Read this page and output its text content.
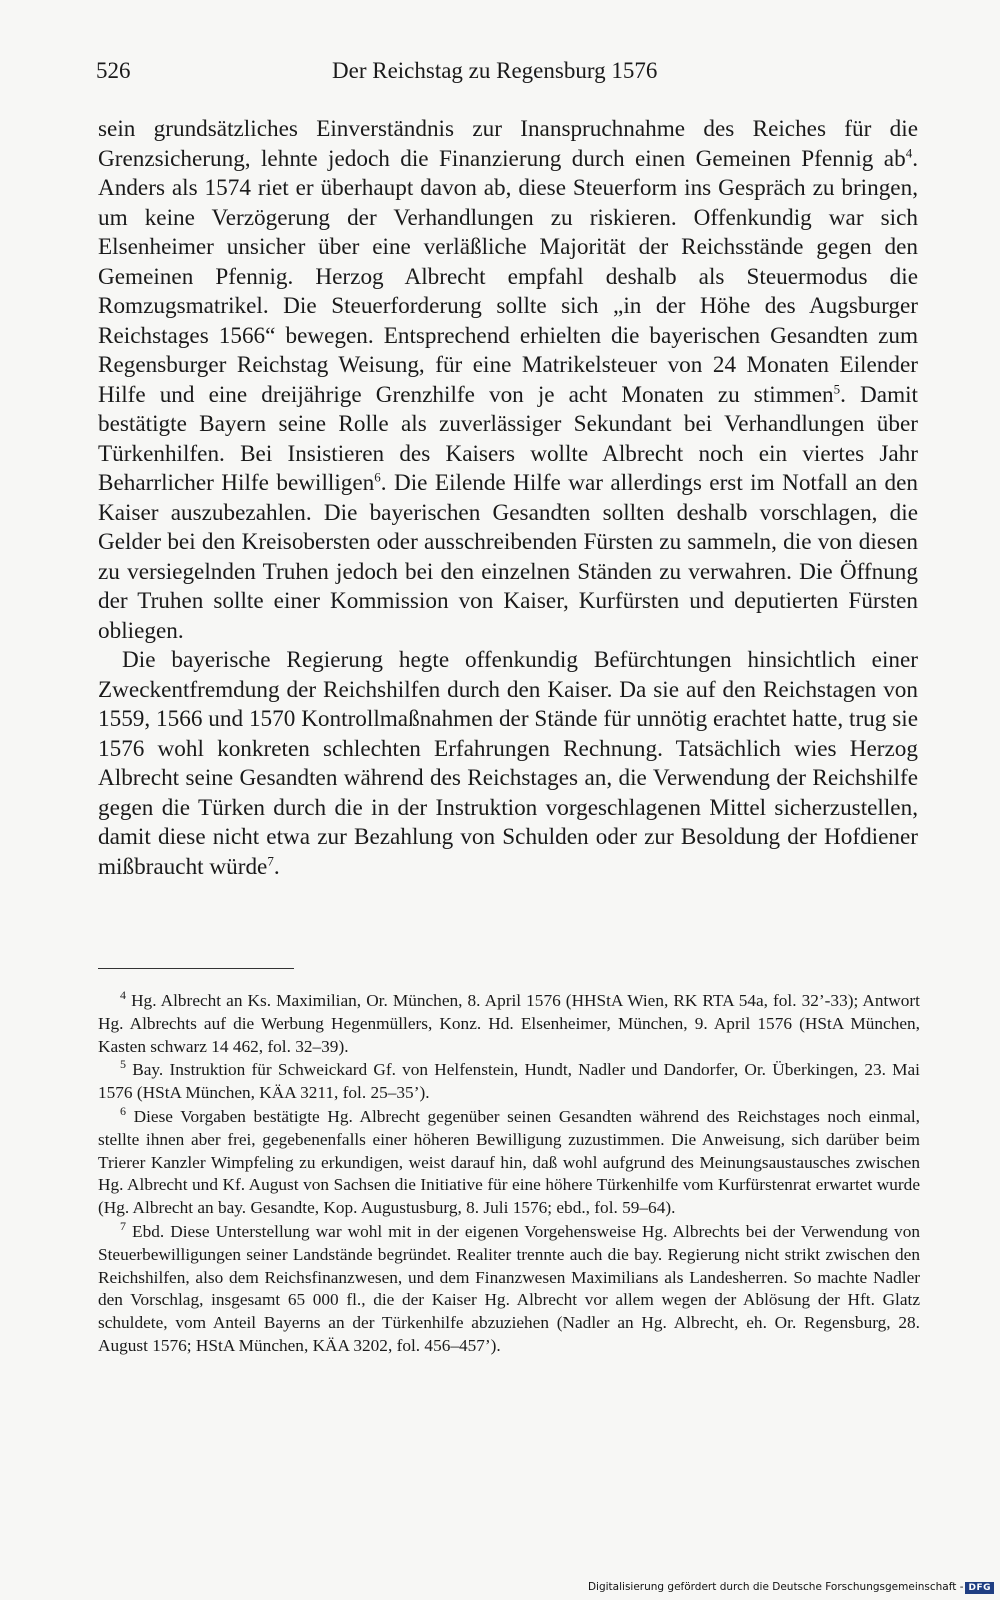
526	Der Reichstag zu Regensburg 1576

sein grundsätzliches Einverständnis zur Inanspruchnahme des Reiches für die Grenzsicherung, lehnte jedoch die Finanzierung durch einen Gemeinen Pfennig $ab^4$. Anders als 1574 riet er überhaupt davon ab, diese Steuerform ins Gespräch zu bringen, um keine Verzögerung der Verhandlungen zu riskieren. Offenkundig war sich Elsenheimer unsicher über eine verläßliche Majorität der Reichsstände gegen den Gemeinen Pfennig. Herzog Albrecht empfahl deshalb als Steuermodus die Romzugsmatrikel. Die Steuerforderung sollte sich „in der Höhe des Augsburger Reichstages 1566“ bewegen. Entsprechend erhielten die bayerischen Gesandten zum Regensburger Reichstag Weisung, für eine Matrikelsteuer von 24 Monaten Eilender Hilfe und eine dreijährige Grenzhilfe von je acht Monaten zu stimmen$^5$. Damit bestätigte Bayern seine Rolle als zuverlässiger Sekundant bei Verhandlungen über Türkenhilfen. Bei Insistieren des Kaisers wollte Albrecht noch ein viertes Jahr Beharrlicher Hilfe bewilligen$^6$. Die Eilende Hilfe war allerdings erst im Notfall an den Kaiser auszubezahlen. Die bayerischen Gesandten sollten deshalb vorschlagen, die Gelder bei den Kreisobersten oder ausschreibenden Fürsten zu sammeln, die von diesen zu versiegelnden Truhen jedoch bei den einzelnen Ständen zu verwahren. Die Öffnung der Truhen sollte einer Kommission von Kaiser, Kurfürsten und deputierten Fürsten obliegen.

Die bayerische Regierung hegte offenkundig Befürchtungen hinsichtlich einer Zweckentfremdung der Reichshilfen durch den Kaiser. Da sie auf den Reichstagen von 1559, 1566 und 1570 Kontrollmaßnahmen der Stände für unnötig erachtet hatte, trug sie 1576 wohl konkreten schlechten Erfahrungen Rechnung. Tatsächlich wies Herzog Albrecht seine Gesandten während des Reichstages an, die Verwendung der Reichshilfe gegen die Türken durch die in der Instruktion vorgeschlagenen Mittel sicherzustellen, damit diese nicht etwa zur Bezahlung von Schulden oder zur Besoldung der Hofdiener mißbraucht würde$^7$.

$^4$ Hg. Albrecht an Ks. Maximilian, Or. München, 8. April 1576 (HHStA Wien, RK RTA 54a, fol. 32’-33); Antwort Hg. Albrechts auf die Werbung Hegenmüllers, Konz. Hd. Elsenheimer, München, 9. April 1576 (HStA München, Kasten schwarz 14 462, fol. 32–39).

$^5$ Bay. Instruktion für Schweickard Gf. von Helfenstein, Hundt, Nadler und Dandorfer, Or. Überkingen, 23. Mai 1576 (HStA München, KÄA 3211, fol. 25–35’).

$^6$ Diese Vorgaben bestätigte Hg. Albrecht gegenüber seinen Gesandten während des Reichstages noch einmal, stellte ihnen aber frei, gegebenenfalls einer höheren Bewilligung zuzustimmen. Die Anweisung, sich darüber beim Trierer Kanzler Wimpfeling zu erkundigen, weist darauf hin, daß wohl aufgrund des Meinungsaustausches zwischen Hg. Albrecht und Kf. August von Sachsen die Initiative für eine höhere Türkenhilfe vom Kurfürstenrat erwartet wurde (Hg. Albrecht an bay. Gesandte, Kop. Augustusburg, 8. Juli 1576; ebd., fol. 59–64).

$^7$ Ebd. Diese Unterstellung war wohl mit in der eigenen Vorgehensweise Hg. Albrechts bei der Verwendung von Steuerbewilligungen seiner Landstände begründet. Realiter trennte auch die bay. Regierung nicht strikt zwischen den Reichshilfen, also dem Reichsfinanzwesen, und dem Finanzwesen Maximilians als Landesherren. So machte Nadler den Vorschlag, insgesamt 65 000 fl., die der Kaiser Hg. Albrecht vor allem wegen der Ablösung der Hft. Glatz schuldete, vom Anteil Bayerns an der Türkenhilfe abzuziehen (Nadler an Hg. Albrecht, eh. Or. Regensburg, 28. August 1576; HStA München, KÄA 3202, fol. 456–457’).

Digitalisierung gefördert durch die Deutsche Forschungsgemeinschaft - DFG
